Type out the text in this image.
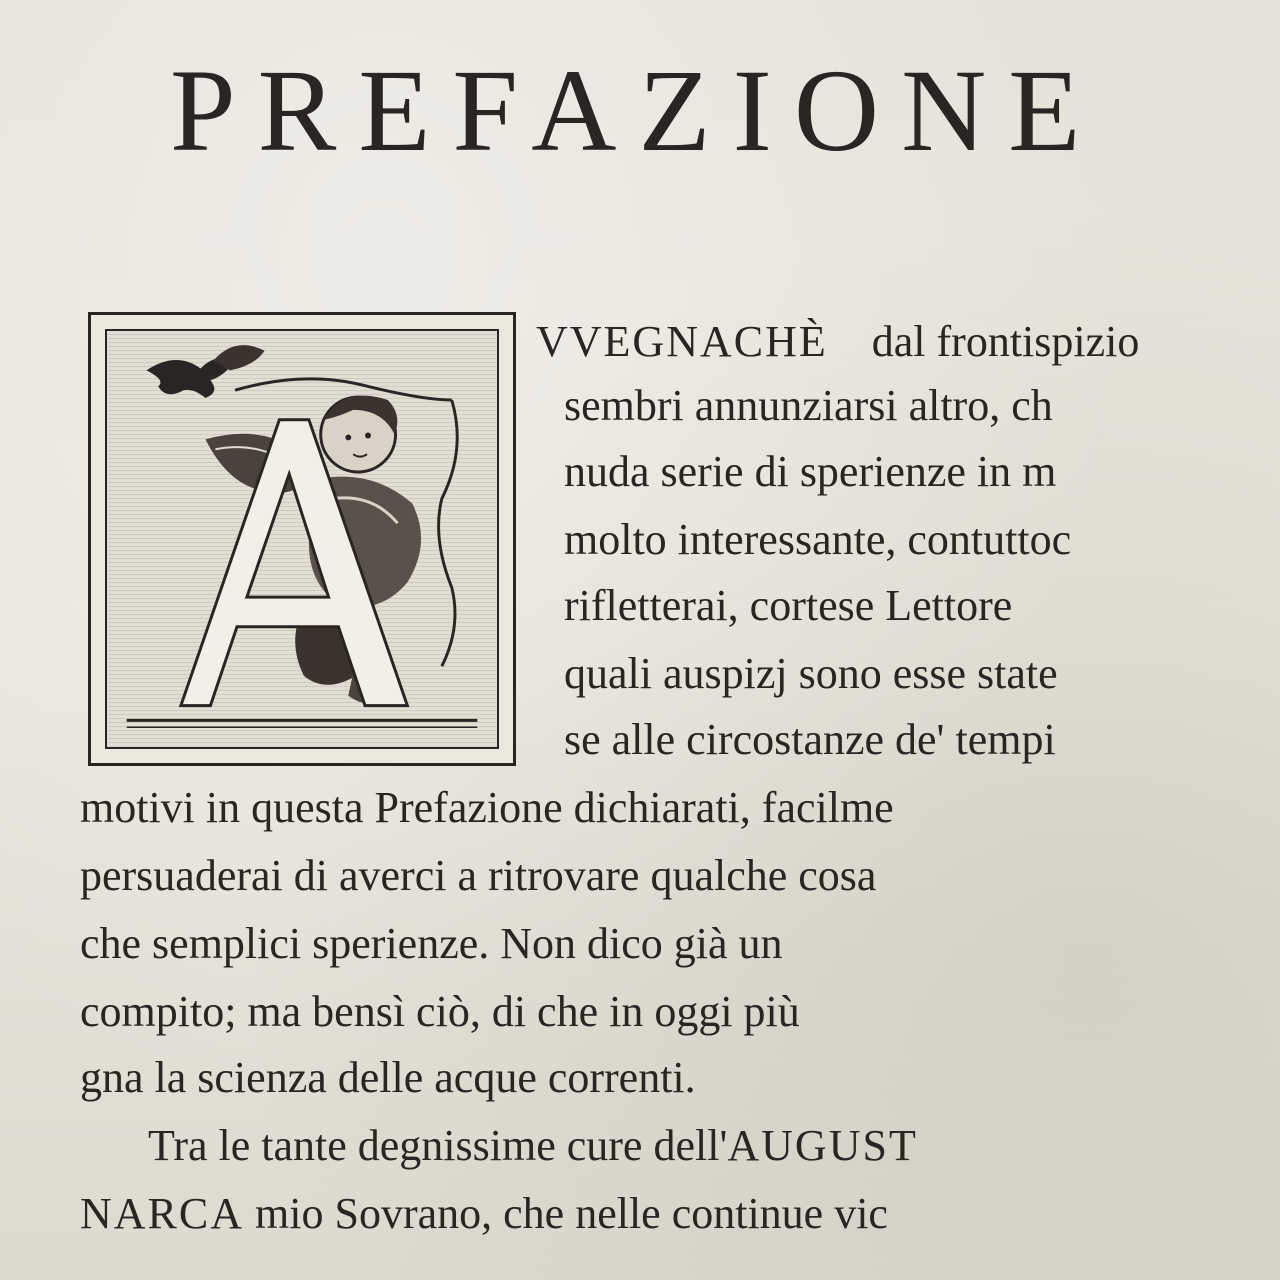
PREFAZIONE

VVEGNACHÈ dal frontispizio

sembri annunziarsi altro, ch

nuda serie di sperienze in m

molto interessante, contuttoc

rifletterai, cortese Lettore

quali auspizj sono esse state

se alle circostanze de' tempi

motivi in questa Prefazione dichiarati, facilme

persuaderai di averci a ritrovare qualche cosa

che semplici sperienze. Non dico già un

compito; ma bensì ciò, di che in oggi più

gna la scienza delle acque correnti.

Tra le tante degnissime cure dell'AUGUST

NARCA mio Sovrano, che nelle continue vic
